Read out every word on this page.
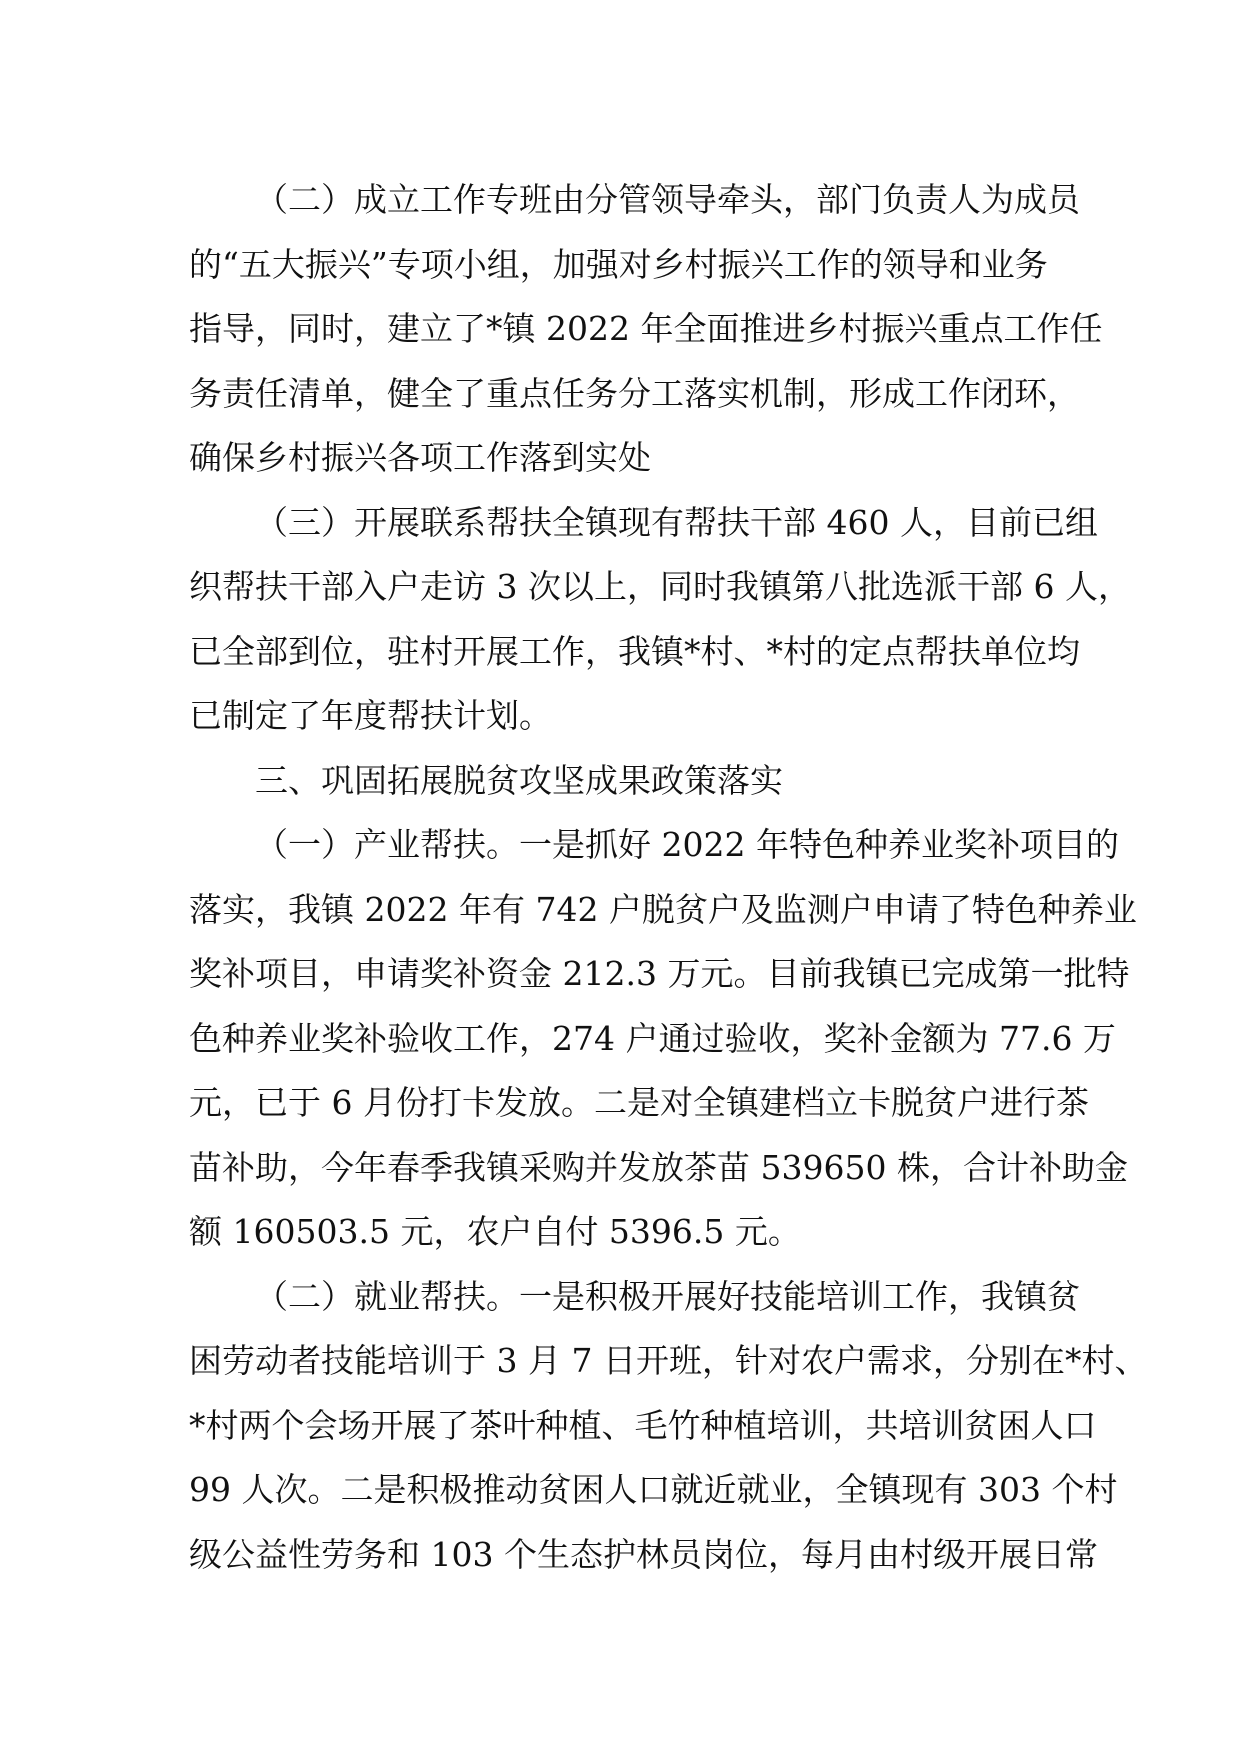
（二）成立工作专班由分管领导牵头，部门负责人为成员
的“五大振兴”专项小组，加强对乡村振兴工作的领导和业务
指导，同时，建立了*镇 2022 年全面推进乡村振兴重点工作任
务责任清单，健全了重点任务分工落实机制，形成工作闭环，
确保乡村振兴各项工作落到实处
（三）开展联系帮扶全镇现有帮扶干部 460 人，目前已组
织帮扶干部入户走访 3 次以上，同时我镇第八批选派干部 6 人，
已全部到位，驻村开展工作，我镇*村、*村的定点帮扶单位均
已制定了年度帮扶计划。
三、巩固拓展脱贫攻坚成果政策落实
（一）产业帮扶。一是抓好 2022 年特色种养业奖补项目的
落实，我镇 2022 年有 742 户脱贫户及监测户申请了特色种养业
奖补项目，申请奖补资金 212.3 万元。目前我镇已完成第一批特
色种养业奖补验收工作，274 户通过验收，奖补金额为 77.6 万
元，已于 6 月份打卡发放。二是对全镇建档立卡脱贫户进行茶
苗补助，今年春季我镇采购并发放茶苗 539650 株，合计补助金
额 160503.5 元，农户自付 5396.5 元。
（二）就业帮扶。一是积极开展好技能培训工作，我镇贫
困劳动者技能培训于 3 月 7 日开班，针对农户需求，分别在*村、
*村两个会场开展了茶叶种植、毛竹种植培训，共培训贫困人口
99 人次。二是积极推动贫困人口就近就业，全镇现有 303 个村
级公益性劳务和 103 个生态护林员岗位，每月由村级开展日常
